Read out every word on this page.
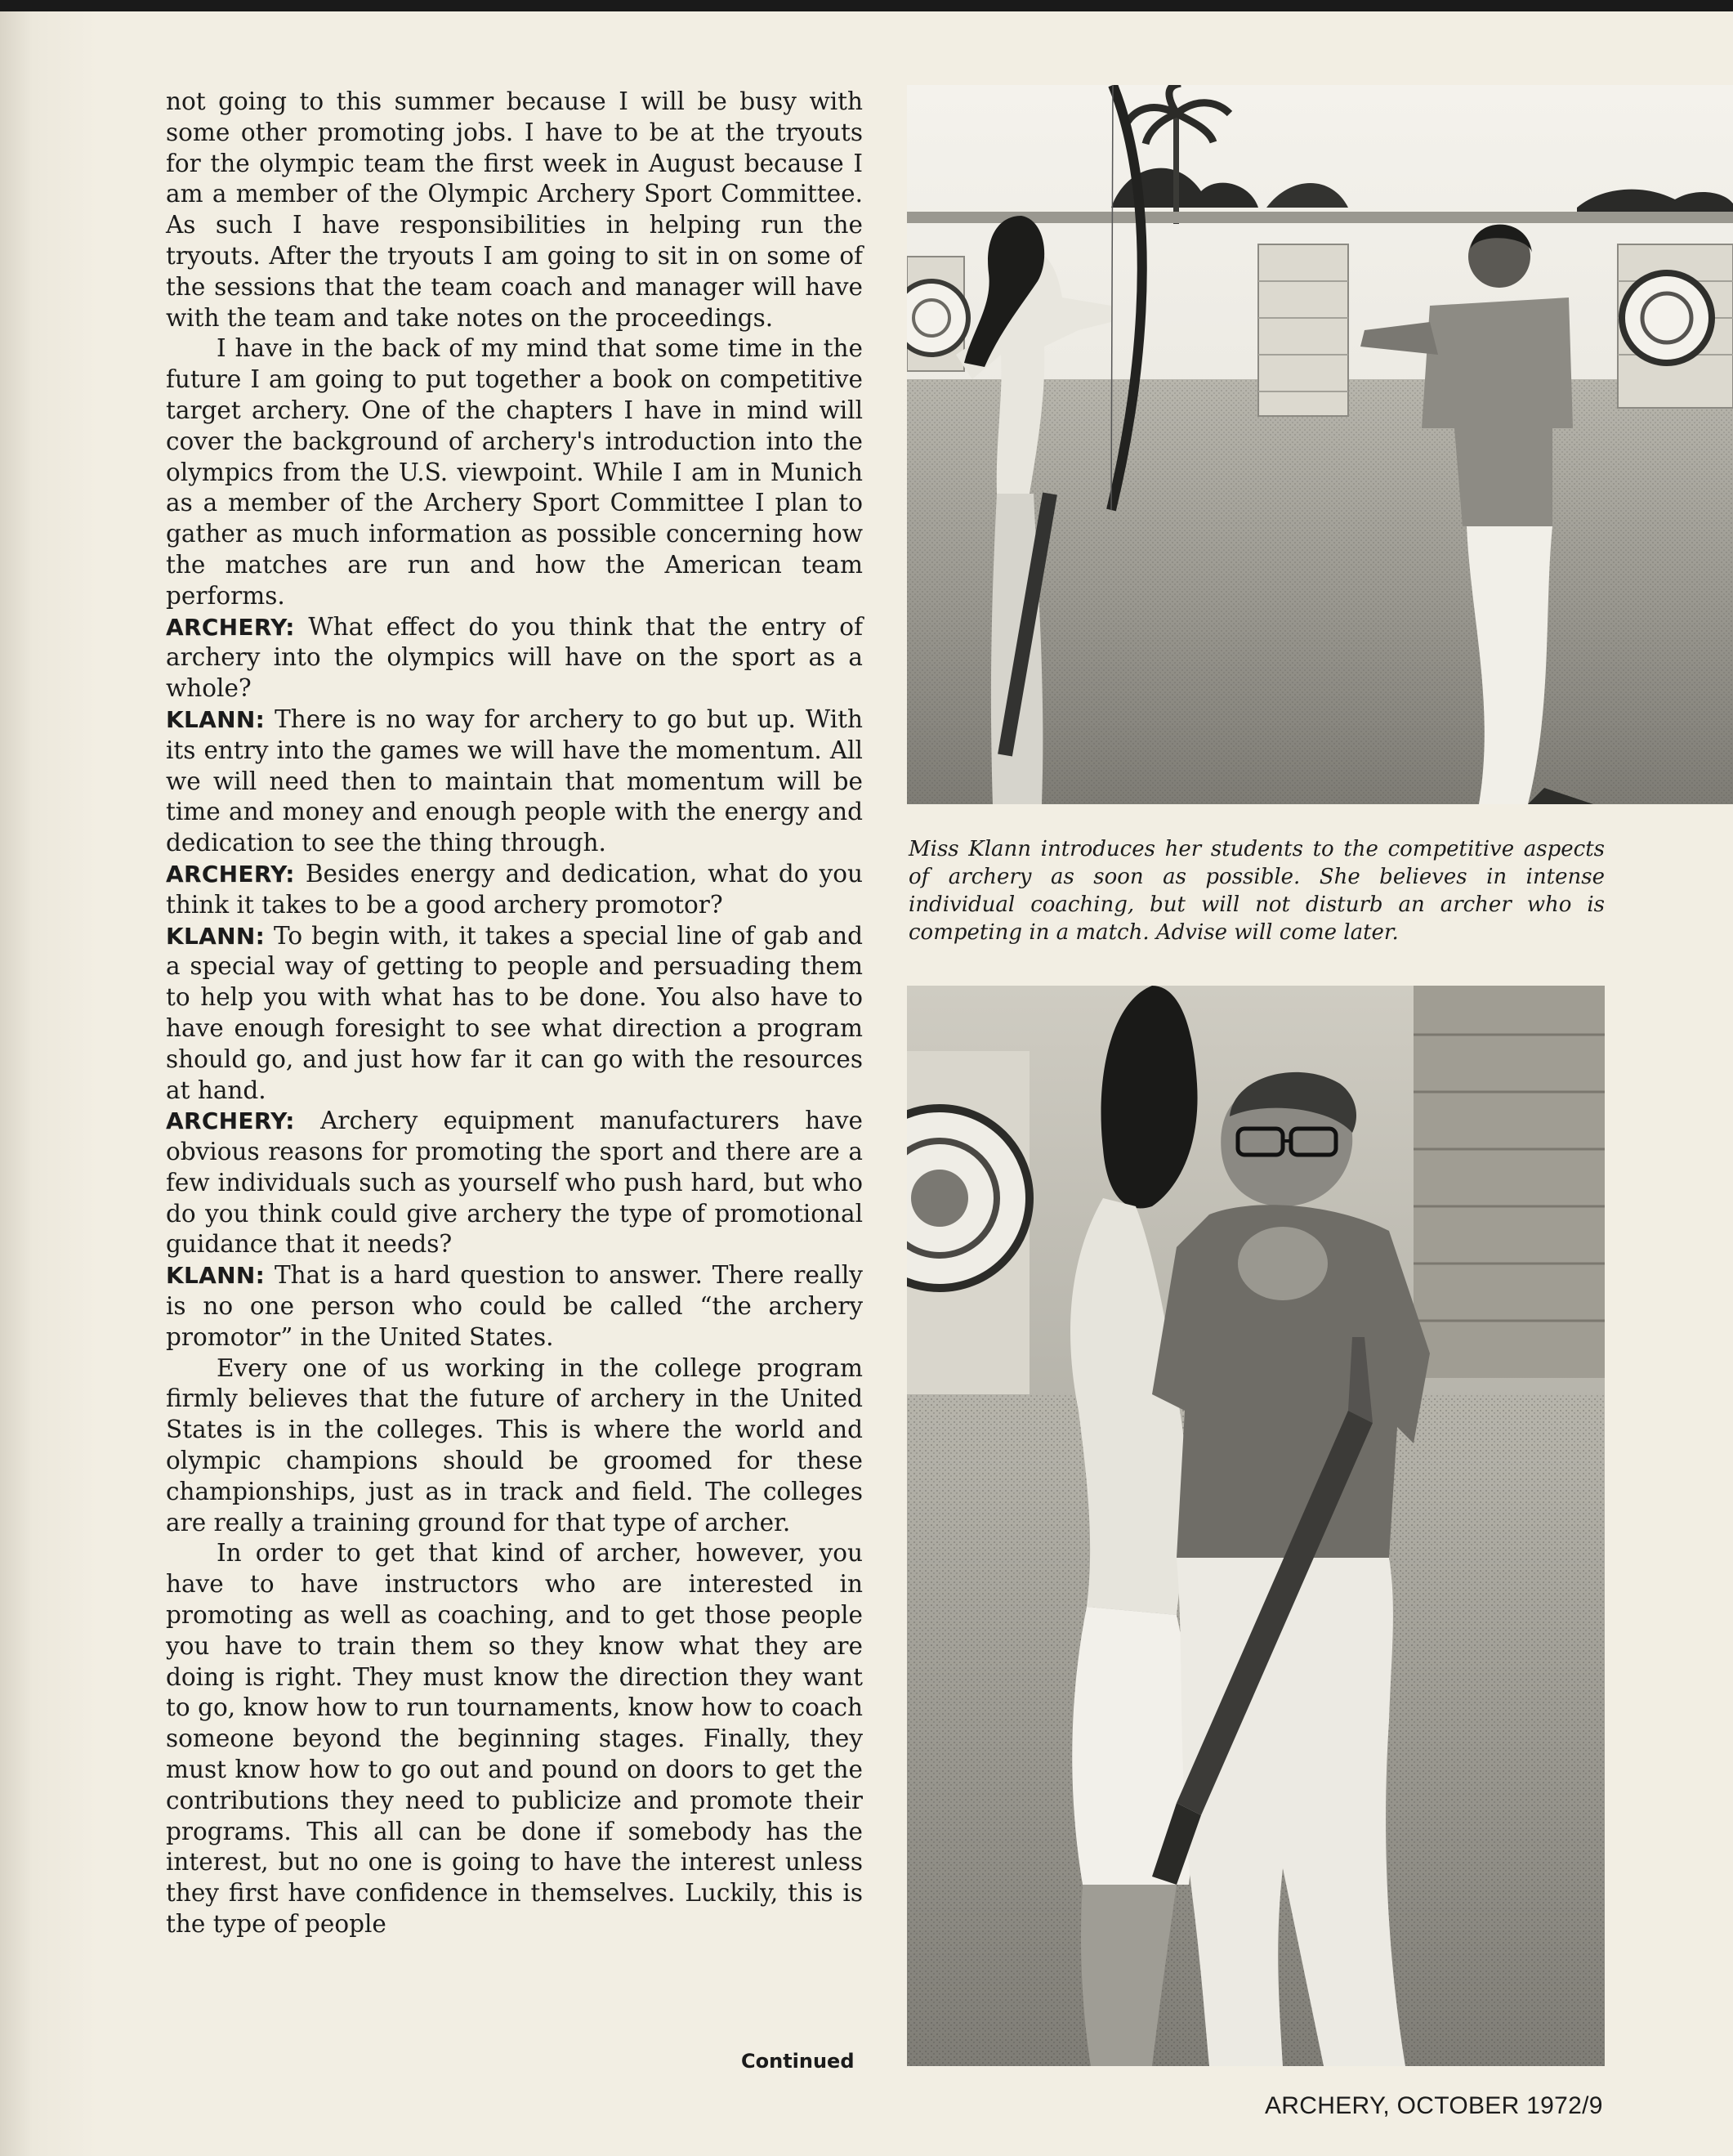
not going to this summer because I will be busy with some other promoting jobs. I have to be at the tryouts for the olympic team the first week in August because I am a member of the Olympic Archery Sport Committee. As such I have responsibilities in helping run the tryouts. After the tryouts I am going to sit in on some of the sessions that the team coach and manager will have with the team and take notes on the proceedings.

I have in the back of my mind that some time in the future I am going to put together a book on competitive target archery. One of the chapters I have in mind will cover the background of archery's introduction into the olympics from the U.S. viewpoint. While I am in Munich as a member of the Archery Sport Committee I plan to gather as much information as possible concerning how the matches are run and how the American team performs.

ARCHERY: What effect do you think that the entry of archery into the olympics will have on the sport as a whole?

KLANN: There is no way for archery to go but up. With its entry into the games we will have the momentum. All we will need then to maintain that momentum will be time and money and enough people with the energy and dedication to see the thing through.

ARCHERY: Besides energy and dedication, what do you think it takes to be a good archery promotor?

KLANN: To begin with, it takes a special line of gab and a special way of getting to people and persuading them to help you with what has to be done. You also have to have enough foresight to see what direction a program should go, and just how far it can go with the resources at hand.

ARCHERY: Archery equipment manufacturers have obvious reasons for promoting the sport and there are a few individuals such as yourself who push hard, but who do you think could give archery the type of promotional guidance that it needs?

KLANN: That is a hard question to answer. There really is no one person who could be called “the archery promotor” in the United States.

Every one of us working in the college program firmly believes that the future of archery in the United States is in the colleges. This is where the world and olympic champions should be groomed for these championships, just as in track and field. The colleges are really a training ground for that type of archer.

In order to get that kind of archer, however, you have to have instructors who are interested in promoting as well as coaching, and to get those people you have to train them so they know what they are doing is right. They must know the direction they want to go, know how to run tournaments, know how to coach someone beyond the beginning stages. Finally, they must know how to go out and pound on doors to get the contributions they need to publicize and promote their programs. This all can be done if somebody has the interest, but no one is going to have the interest unless they first have confidence in themselves. Luckily, this is the type of people

Continued
Miss Klann introduces her students to the competitive aspects of archery as soon as possible. She believes in intense individual coaching, but will not disturb an archer who is competing in a match. Advise will come later.
ARCHERY, OCTOBER 1972/9
